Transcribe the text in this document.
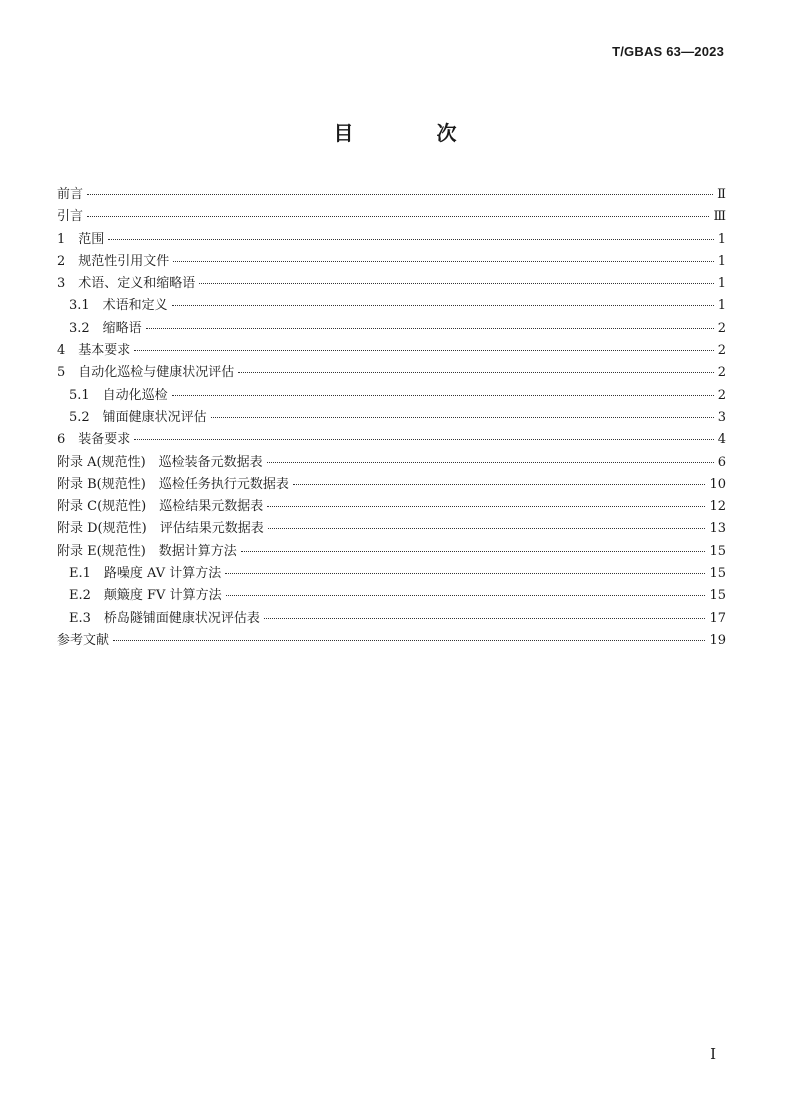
T/GBAS 63—2023
目 次
前言	Ⅱ
引言	Ⅲ
1　范围	1
2　规范性引用文件	1
3　术语、定义和缩略语	1
3.1　术语和定义	1
3.2　缩略语	2
4　基本要求	2
5　自动化巡检与健康状况评估	2
5.1　自动化巡检	2
5.2　铺面健康状况评估	3
6　装备要求	4
附录 A(规范性)　巡检装备元数据表	6
附录 B(规范性)　巡检任务执行元数据表	10
附录 C(规范性)　巡检结果元数据表	12
附录 D(规范性)　评估结果元数据表	13
附录 E(规范性)　数据计算方法	15
E.1　路噪度 AV 计算方法	15
E.2　颠簸度 FV 计算方法	15
E.3　桥岛隧铺面健康状况评估表	17
参考文献	19
I
